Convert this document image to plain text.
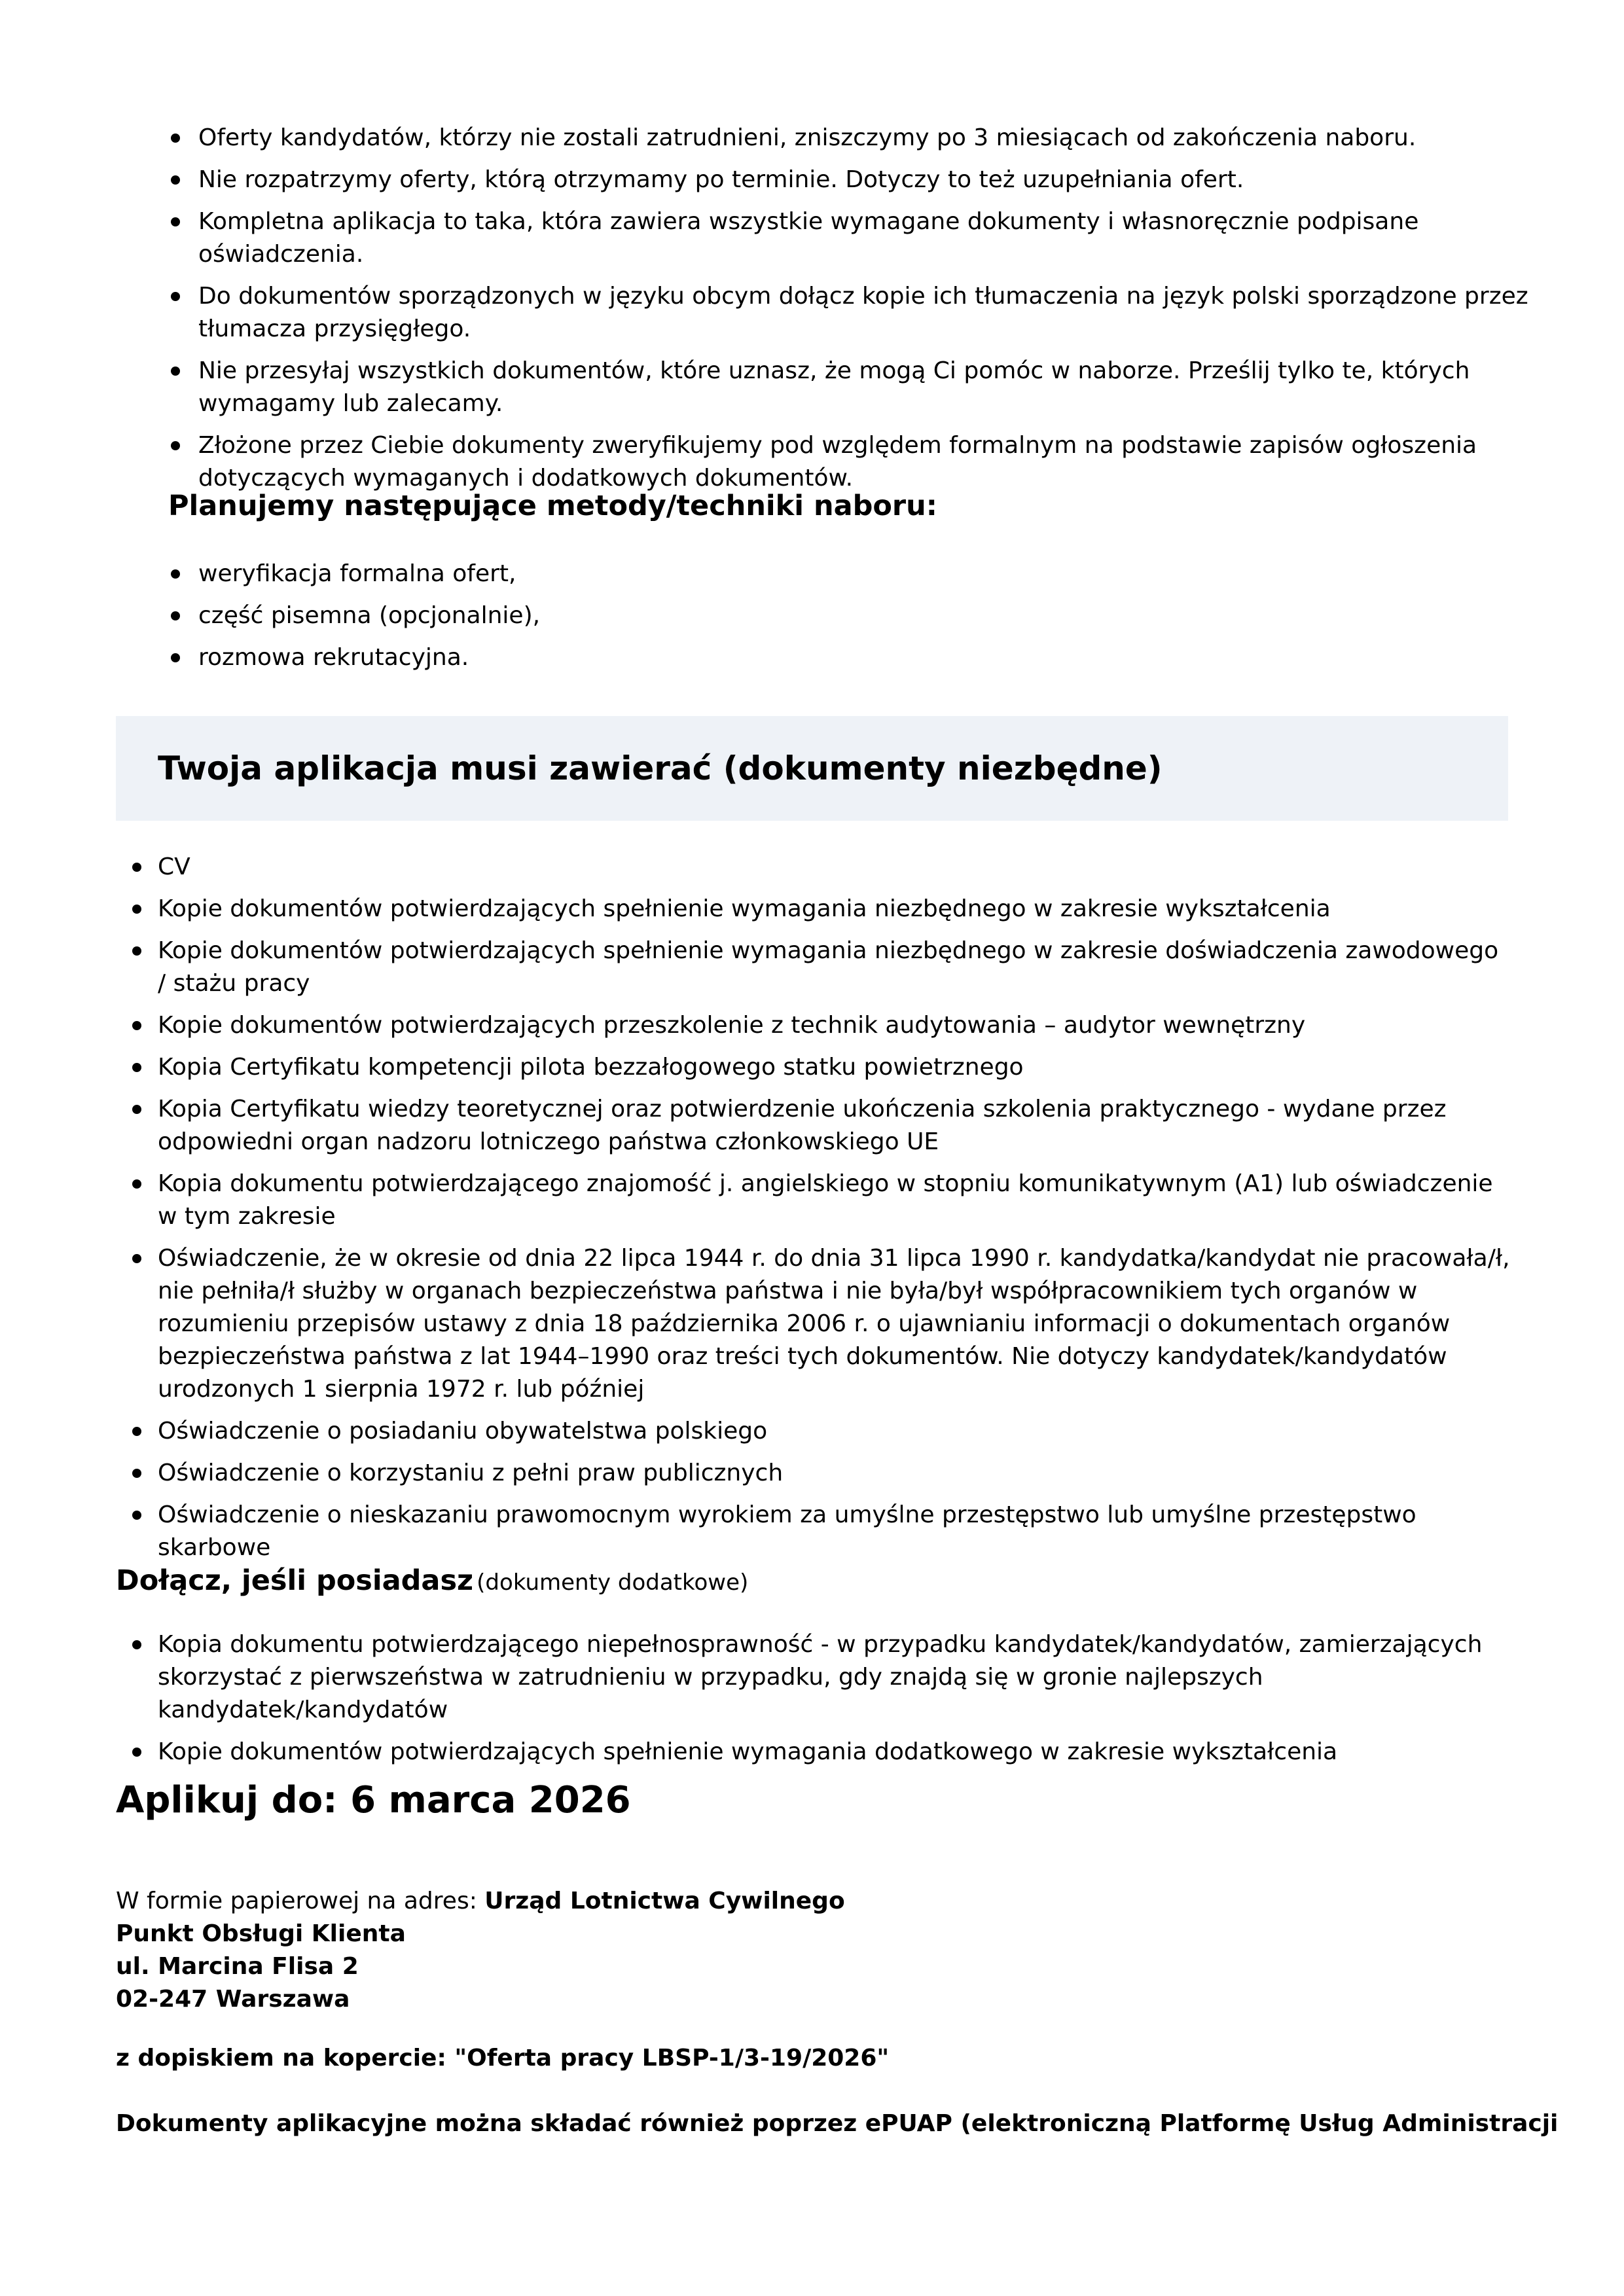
Oferty kandydatów, którzy nie zostali zatrudnieni, zniszczymy po 3 miesiącach od zakończenia naboru.
Nie rozpatrzymy oferty, którą otrzymamy po terminie. Dotyczy to też uzupełniania ofert.
Kompletna aplikacja to taka, która zawiera wszystkie wymagane dokumenty i własnoręcznie podpisane oświadczenia.
Do dokumentów sporządzonych w języku obcym dołącz kopie ich tłumaczenia na język polski sporządzone przez tłumacza przysięgłego.
Nie przesyłaj wszystkich dokumentów, które uznasz, że mogą Ci pomóc w naborze. Prześlij tylko te, których wymagamy lub zalecamy.
Złożone przez Ciebie dokumenty zweryfikujemy pod względem formalnym na podstawie zapisów ogłoszenia dotyczących wymaganych i dodatkowych dokumentów.
Planujemy następujące metody/techniki naboru:
weryfikacja formalna ofert,
część pisemna (opcjonalnie),
rozmowa rekrutacyjna.
Twoja aplikacja musi zawierać (dokumenty niezbędne)
CV
Kopie dokumentów potwierdzających spełnienie wymagania niezbędnego w zakresie wykształcenia
Kopie dokumentów potwierdzających spełnienie wymagania niezbędnego w zakresie doświadczenia zawodowego / stażu pracy
Kopie dokumentów potwierdzających przeszkolenie z technik audytowania – audytor wewnętrzny
Kopia Certyfikatu kompetencji pilota bezzałogowego statku powietrznego
Kopia Certyfikatu wiedzy teoretycznej oraz potwierdzenie ukończenia szkolenia praktycznego - wydane przez odpowiedni organ nadzoru lotniczego państwa członkowskiego UE
Kopia dokumentu potwierdzającego znajomość j. angielskiego w stopniu komunikatywnym (A1) lub oświadczenie w tym zakresie
Oświadczenie, że w okresie od dnia 22 lipca 1944 r. do dnia 31 lipca 1990 r. kandydatka/kandydat nie pracowała/ł, nie pełniła/ł służby w organach bezpieczeństwa państwa i nie była/był współpracownikiem tych organów w rozumieniu przepisów ustawy z dnia 18 października 2006 r. o ujawnianiu informacji o dokumentach organów bezpieczeństwa państwa z lat 1944–1990 oraz treści tych dokumentów. Nie dotyczy kandydatek/kandydatów urodzonych 1 sierpnia 1972 r. lub później
Oświadczenie o posiadaniu obywatelstwa polskiego
Oświadczenie o korzystaniu z pełni praw publicznych
Oświadczenie o nieskazaniu prawomocnym wyrokiem za umyślne przestępstwo lub umyślne przestępstwo skarbowe

Dołącz, jeśli posiadasz (dokumenty dodatkowe)

Kopia dokumentu potwierdzającego niepełnosprawność - w przypadku kandydatek/kandydatów, zamierzających skorzystać z pierwszeństwa w zatrudnieniu w przypadku, gdy znajdą się w gronie najlepszych kandydatek/kandydatów
Kopie dokumentów potwierdzających spełnienie wymagania dodatkowego w zakresie wykształcenia
Aplikuj do: 6 marca 2026
W formie papierowej na adres: Urząd Lotnictwa Cywilnego
Punkt Obsługi Klienta
ul. Marcina Flisa 2
02-247 Warszawa

z dopiskiem na kopercie: "Oferta pracy LBSP-1/3-19/2026"

Dokumenty aplikacyjne można składać również poprzez ePUAP (elektroniczną Platformę Usług Administracji
